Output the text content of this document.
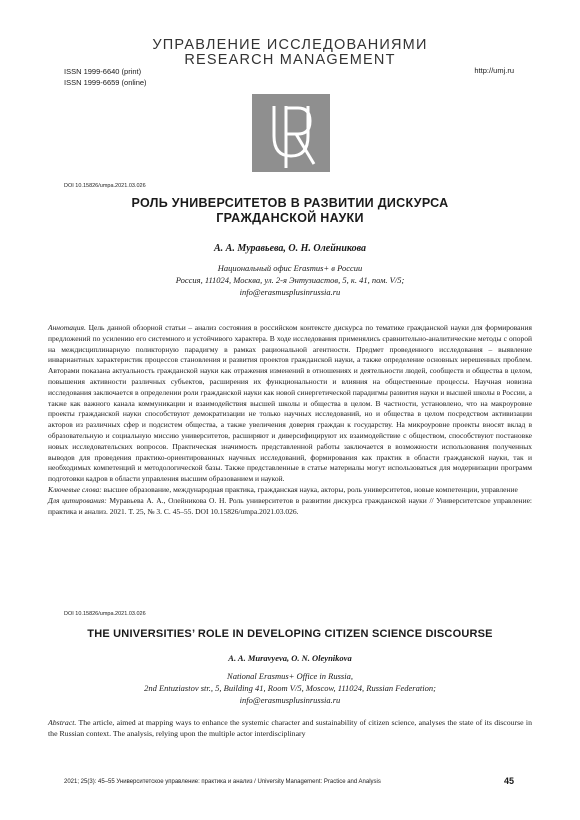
УПРАВЛЕНИЕ ИССЛЕДОВАНИЯМИ
RESEARCH MANAGEMENT
ISSN 1999-6640 (print)
ISSN 1999-6659 (online)
http://umj.ru
DOI 10.15826/umpa.2021.03.026
РОЛЬ УНИВЕРСИТЕТОВ В РАЗВИТИИ ДИСКУРСА
ГРАЖДАНСКОЙ НАУКИ
А. А. Муравьева, О. Н. Олейникова
Национальный офис Erasmus+ в России
Россия, 111024, Москва, ул. 2-я Энтузиастов, 5, к. 41, пом. V/5;
info@erasmusplusinrussia.ru

Аннотация. Цель данной обзорной статьи – анализ состояния в российском контексте дискурса по тематике гражданской науки для формирования предложений по усилению его системного и устойчивого характера. В ходе исследования применялись сравнительно-аналитические методы с опорой на междисциплинарную поликторную парадигму в рамках рациональной агентности. Предмет проведенного исследования – выявление инвариантных характеристик процессов становления и развития проектов гражданской науки, а также определение основных нерешенных проблем. Авторами показана актуальность гражданской науки как отражения изменений в отношениях и деятельности людей, сообществ и общества в целом, повышения активности различных субъектов, расширения их функциональности и влияния на общественные процессы. Научная новизна исследования заключается в определении роли гражданской науки как новой синергетической парадигмы развития науки и высшей школы в России, а также как важного канала коммуникации и взаимодействия высшей школы и общества в целом. В частности, установлено, что на макроуровне проекты гражданской науки способствуют демократизации не только научных исследований, но и общества в целом посредством активизации акторов из различных сфер и подсистем общества, а также увеличения доверия граждан к государству. На микроуровне проекты вносят вклад в образовательную и социальную миссию университетов, расширяют и диверсифицируют их взаимодействие с обществом, способствуют постановке новых исследовательских вопросов. Практическая значимость представленной работы заключается в возможности использования полученных выводов для проведения практико-ориентированных научных исследований, формирования как практик в области гражданской науки, так и необходимых компетенций и методологической базы. Также представленные в статье материалы могут использоваться для модернизации программ подготовки кадров в области управления высшим образованием и наукой.

Ключевые слова: высшее образование, международная практика, гражданская наука, акторы, роль университетов, новые компетенции, управление

Для цитирования: Муравьева А. А., Олейникова О. Н. Роль университетов в развитии дискурса гражданской науки // Университетское управление: практика и анализ. 2021. Т. 25, № 3. С. 45–55. DOI 10.15826/umpa.2021.03.026.

DOI 10.15826/umpa.2021.03.026
THE UNIVERSITIES’ ROLE IN DEVELOPING CITIZEN SCIENCE DISCOURSE
A. A. Muravyeva, O. N. Oleynikova
National Erasmus+ Office in Russia,
2nd Entuziastov str., 5, Building 41, Room V/5, Moscow, 111024, Russian Federation;
info@erasmusplusinrussia.ru

Abstract. The article, aimed at mapping ways to enhance the systemic character and sustainability of citizen science, analyses the state of its discourse in the Russian context. The analysis, relying upon the multiple actor interdisciplinary

2021; 25(3): 45–55 Университетское управление: практика и анализ / University Management: Practice and Analysis	45
